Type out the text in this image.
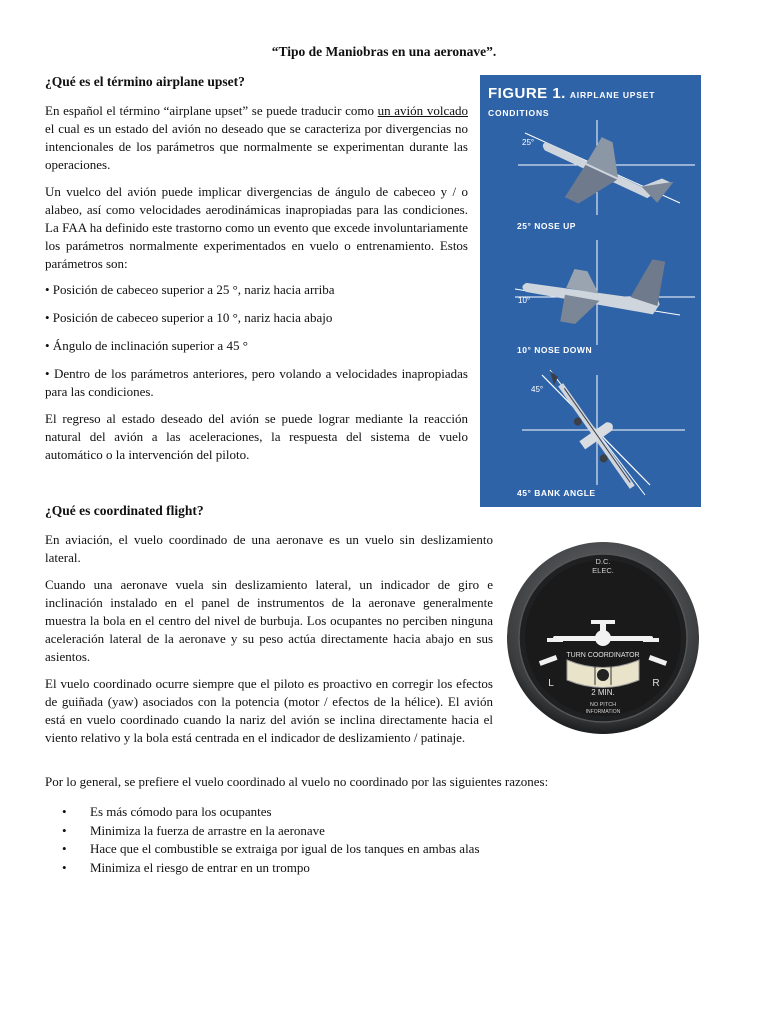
“Tipo de Maniobras en una aeronave”.
¿Qué es el término airplane upset?
En español el término “airplane upset” se puede traducir como un avión volcado el cual es un estado del avión no deseado que se caracteriza por divergencias no intencionales de los parámetros que normalmente se experimentan durante las operaciones.
Un vuelco del avión puede implicar divergencias de ángulo de cabeceo y / o alabeo, así como velocidades aerodinámicas inapropiadas para las condiciones. La FAA ha definido este trastorno como un evento que excede involuntariamente los parámetros normalmente experimentados en vuelo o entrenamiento. Estos parámetros son:
• Posición de cabeceo superior a 25 °, nariz hacia arriba
• Posición de cabeceo superior a 10 °, nariz hacia abajo
• Ángulo de inclinación superior a 45 °
• Dentro de los parámetros anteriores, pero volando a velocidades inapropiadas para las condiciones.
El regreso al estado deseado del avión se puede lograr mediante la reacción natural del avión a las aceleraciones, la respuesta del sistema de vuelo automático o la intervención del piloto.
FIGURE 1. AIRPLANE UPSET CONDITIONS
25°
25° NOSE UP
10°
10° NOSE DOWN
45°
45° BANK ANGLE
¿Qué es coordinated flight?
En aviación, el vuelo coordinado de una aeronave es un vuelo sin deslizamiento lateral.
Cuando una aeronave vuela sin deslizamiento lateral, un indicador de giro e inclinación instalado en el panel de instrumentos de la aeronave generalmente muestra la bola en el centro del nivel de burbuja. Los ocupantes no perciben ninguna aceleración lateral de la aeronave y su peso actúa directamente hacia abajo en sus asientos.
El vuelo coordinado ocurre siempre que el piloto es proactivo en corregir los efectos de guiñada (yaw) asociados con la potencia (motor / efectos de la hélice). El avión está en vuelo coordinado cuando la nariz del avión se inclina directamente hacia el viento relativo y la bola está centrada en el indicador de deslizamiento / patinaje.
Por lo general, se prefiere el vuelo coordinado al vuelo no coordinado por las siguientes razones:
• Es más cómodo para los ocupantes
• Minimiza la fuerza de arrastre en la aeronave
• Hace que el combustible se extraiga por igual de los tanques en ambas alas
• Minimiza el riesgo de entrar en un trompo
D.C.
ELEC.
TURN COORDINATOR
L	R
2 MIN.
NO PITCH
INFORMATION
